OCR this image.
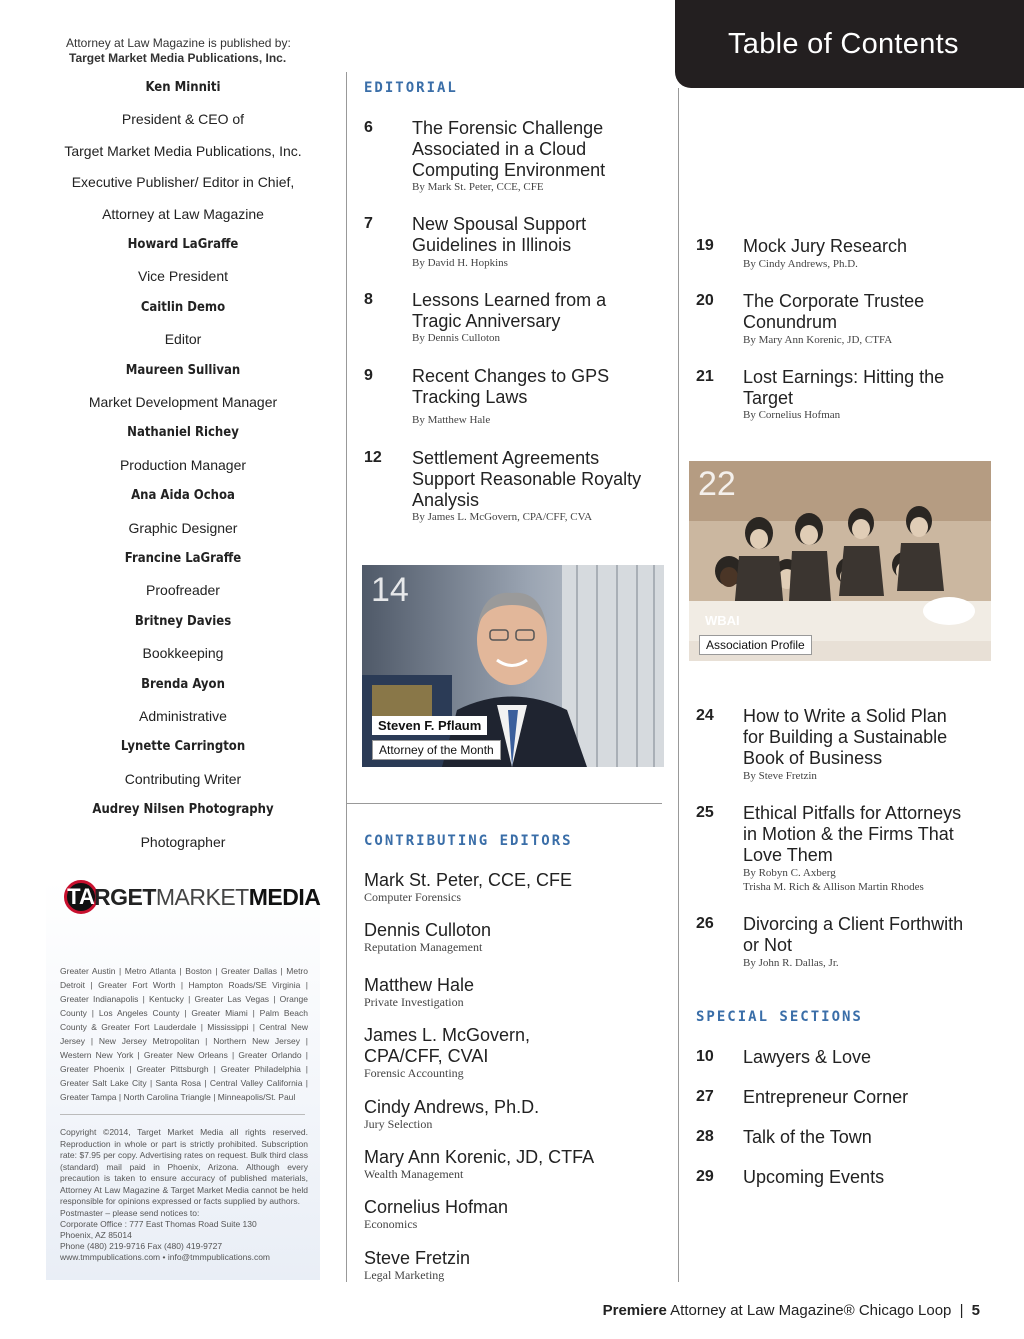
Attorney at Law Magazine is published by:
Target Market Media Publications, Inc.
Ken Minniti
President & CEO of
Target Market Media Publications, Inc.
Executive Publisher/ Editor in Chief,
Attorney at Law Magazine
Howard LaGraffe
Vice President
Caitlin Demo
Editor
Maureen Sullivan
Market Development Manager
Nathaniel Richey
Production Manager
Ana Aida Ochoa
Graphic Designer
Francine LaGraffe
Proofreader
Britney Davies
Bookkeeping
Brenda Ayon
Administrative
Lynette Carrington
Contributing Writer
Audrey Nilsen Photography
Photographer
TA RGETMARKETMEDIA
Greater Austin | Metro Atlanta | Boston | Greater Dallas | Metro Detroit | Greater Fort Worth | Hampton Roads/SE Virginia | Greater Indianapolis | Kentucky | Greater Las Vegas | Orange County | Los Angeles County | Greater Miami | Palm Beach County & Greater Fort Lauderdale | Mississippi | Central New Jersey | New Jersey Metropolitan | Northern New Jersey | Western New York | Greater New Orleans | Greater Orlando | Greater Phoenix | Greater Pittsburgh | Greater Philadelphia | Greater Salt Lake City | Santa Rosa | Central Valley California | Greater Tampa | North Carolina Triangle | Minneapolis/St. Paul
Copyright ©2014, Target Market Media all rights reserved. Reproduction in whole or part is strictly prohibited. Subscription rate: $7.95 per copy. Advertising rates on request. Bulk third class (standard) mail paid in Phoenix, Arizona. Although every precaution is taken to ensure accuracy of published materials, Attorney At Law Magazine & Target Market Media cannot be held responsible for opinions expressed or facts supplied by authors.
Postmaster – please send notices to:
Corporate Office : 777 East Thomas Road Suite 130
Phoenix, AZ 85014
Phone (480) 219-9716 Fax (480) 419-9727
www.tmmpublications.com • info@tmmpublications.com
Table of Contents
EDITORIAL
6 The Forensic Challenge Associated in a Cloud Computing Environment
By Mark St. Peter, CCE, CFE
7 New Spousal Support Guidelines in Illinois
By David H. Hopkins
8 Lessons Learned from a Tragic Anniversary
By Dennis Culloton
9 Recent Changes to GPS Tracking Laws
By Matthew Hale
12 Settlement Agreements Support Reasonable Royalty Analysis
By James L. McGovern, CPA/CFF, CVA
14
Steven F. Pflaum
Attorney of the Month
CONTRIBUTING EDITORS
Mark St. Peter, CCE, CFE
Computer Forensics
Dennis Culloton
Reputation Management
Matthew Hale
Private Investigation
James L. McGovern, CPA/CFF, CVAI
Forensic Accounting
Cindy Andrews, Ph.D.
Jury Selection
Mary Ann Korenic, JD, CTFA
Wealth Management
Cornelius Hofman
Economics
Steve Fretzin
Legal Marketing
19 Mock Jury Research
By Cindy Andrews, Ph.D.
20 The Corporate Trustee Conundrum
By Mary Ann Korenic, JD, CTFA
21 Lost Earnings: Hitting the Target
By Cornelius Hofman
22
WBAI
Association Profile
24 How to Write a Solid Plan for Building a Sustainable Book of Business
By Steve Fretzin
25 Ethical Pitfalls for Attorneys in Motion & the Firms That Love Them
By Robyn C. Axberg
Trisha M. Rich & Allison Martin Rhodes
26 Divorcing a Client Forthwith or Not
By John R. Dallas, Jr.
SPECIAL SECTIONS
10 Lawyers & Love
27 Entrepreneur Corner
28 Talk of the Town
29 Upcoming Events
Premiere Attorney at Law Magazine® Chicago Loop | 5
